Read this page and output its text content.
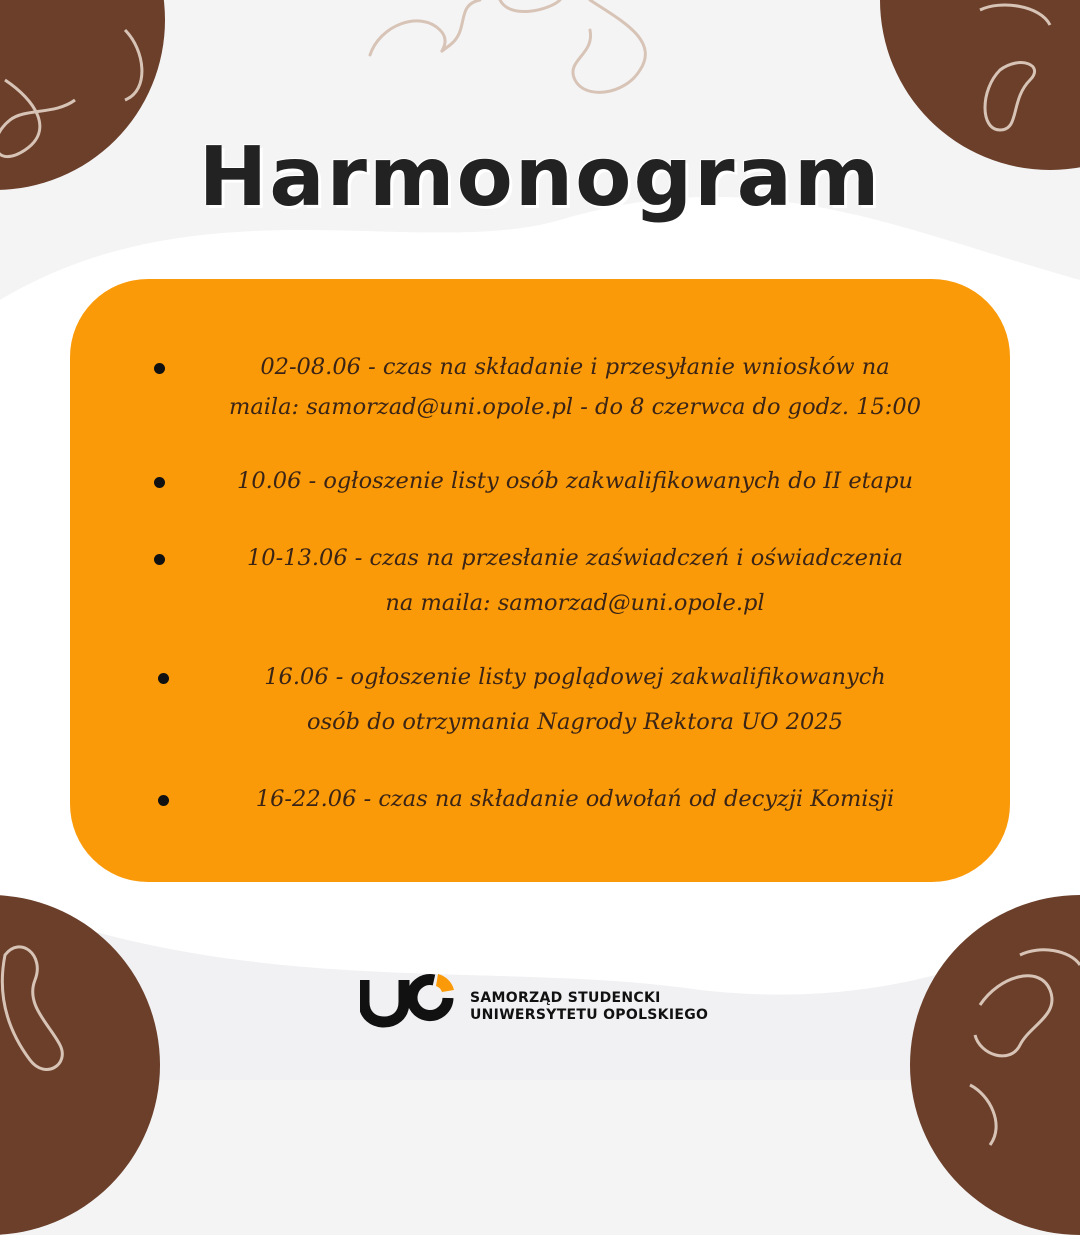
Harmonogram
02-08.06 - czas na składanie i przesyłanie wniosków na
maila: samorzad@uni.opole.pl - do 8 czerwca do godz. 15:00
10.06 - ogłoszenie listy osób zakwalifikowanych do II etapu
10-13.06 - czas na przesłanie zaświadczeń i oświadczenia
na maila: samorzad@uni.opole.pl
16.06 - ogłoszenie listy poglądowej zakwalifikowanych
osób do otrzymania Nagrody Rektora UO 2025
16-22.06 - czas na składanie odwołań od decyzji Komisji
SAMORZĄD STUDENCKI
UNIWERSYTETU OPOLSKIEGO
